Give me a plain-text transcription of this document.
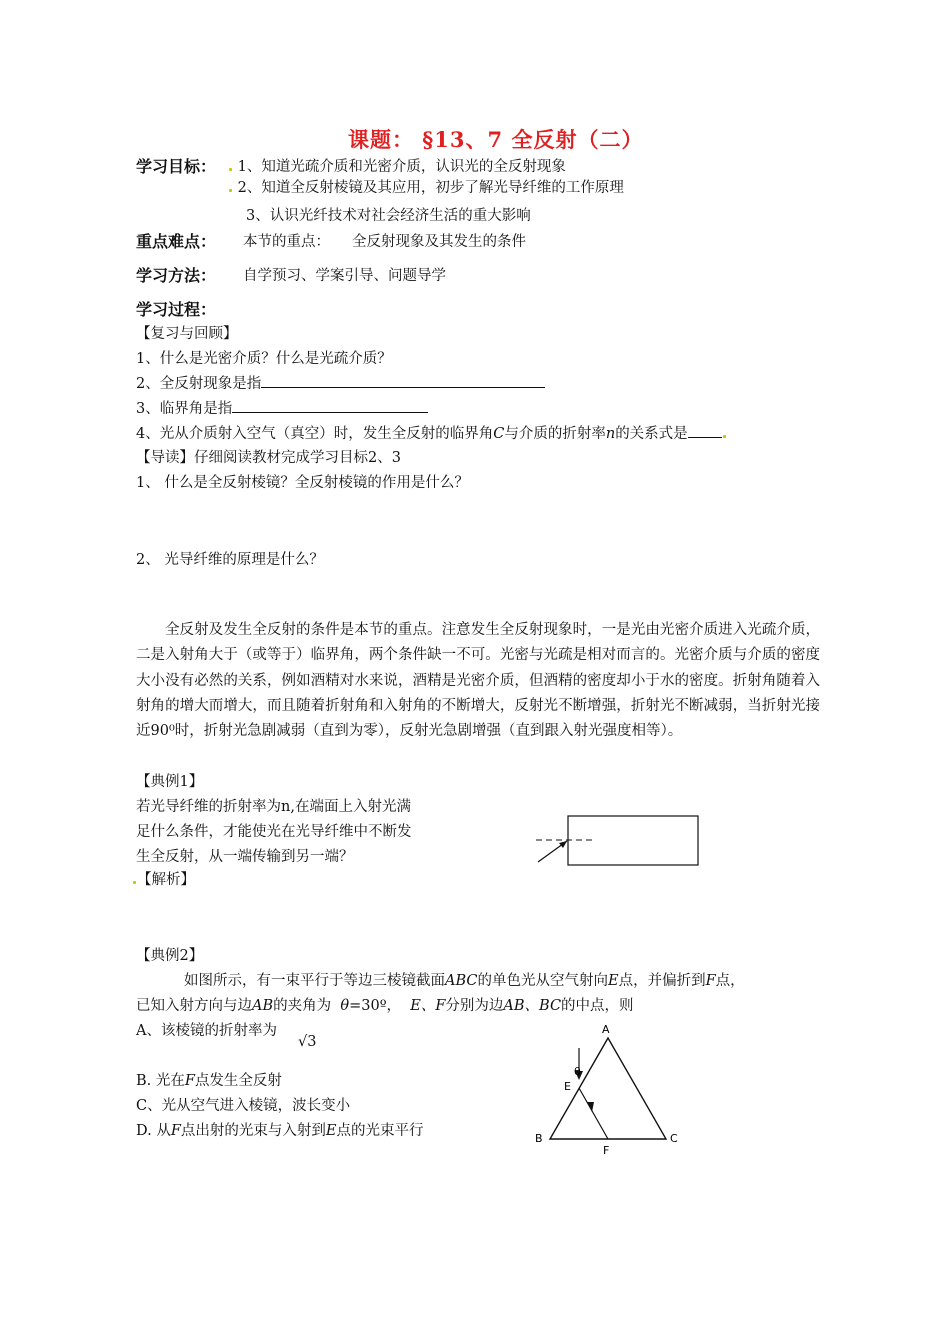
课题： §13、7 全反射（二）
学习目标：	1、知道光疏介质和光密介质，认识光的全反射现象
2、知道全反射棱镜及其应用，初步了解光导纤维的工作原理
3、认识光纤技术对社会经济生活的重大影响
重点难点： 本节的重点： 全反射现象及其发生的条件
学习方法： 自学预习、学案引导、问题导学
学习过程：
【复习与回顾】
1、什么是光密介质？什么是光疏介质？
2、全反射现象是指
3、临界角是指
4、光从介质射入空气（真空）时，发生全反射的临界角C与介质的折射率n的关系式是
【导读】仔细阅读教材完成学习目标2、3
1、 什么是全反射棱镜？全反射棱镜的作用是什么？
2、 光导纤维的原理是什么？
全反射及发生全反射的条件是本节的重点。注意发生全反射现象时，一是光由光密介质进入光疏介质，二是入射角大于（或等于）临界角，两个条件缺一不可。光密与光疏是相对而言的。光密介质与介质的密度大小没有必然的关系，例如酒精对水来说，酒精是光密介质，但酒精的密度却小于水的密度。折射角随着入射角的增大而增大，而且随着折射角和入射角的不断增大，反射光不断增强，折射光不断减弱，当折射光接近90⁰时，折射光急剧减弱（直到为零），反射光急剧增强（直到跟入射光强度相等）。
【典例1】
若光导纤维的折射率为n,在端面上入射光满
足什么条件，才能使光在光导纤维中不断发
生全反射，从一端传输到另一端？
【解析】
【典例2】
如图所示，有一束平行于等边三棱镜截面ABC的单色光从空气射向E点，并偏折到F点，
已知入射方向与边AB的夹角为 θ=30º， E、F分别为边AB、BC的中点，则
A、该棱镜的折射率为
√3
B. 光在F点发生全反射
C、光从空气进入棱镜，波长变小
D. 从F点出射的光束与入射到E点的光束平行
A
B	C
E
F
θ
